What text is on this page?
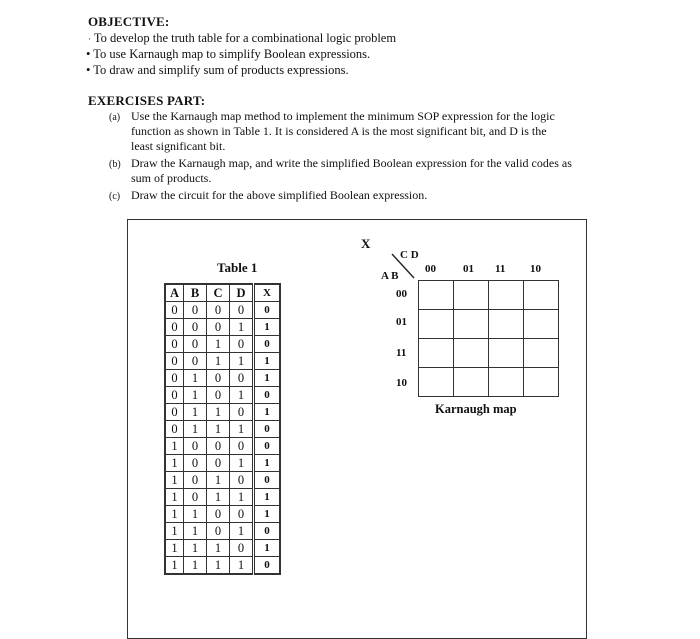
OBJECTIVE:
· To develop the truth table for a combinational logic problem
• To use Karnaugh map to simplify Boolean expressions.
• To draw and simplify sum of products expressions.
EXERCISES PART:
(a) Use the Karnaugh map method to implement the minimum SOP expression for the logic
function as shown in Table 1. It is considered A is the most significant bit, and D is the
least significant bit.
(b) Draw the Karnaugh map, and write the simplified Boolean expression for the valid codes as
sum of products.
(c) Draw the circuit for the above simplified Boolean expression.
Table 1
A	B	C	D	X
0	0	0	0	0
0	0	0	1	1
0	0	1	0	0
0	0	1	1	1
0	1	0	0	1
0	1	0	1	0
0	1	1	0	1
0	1	1	1	0
1	0	0	0	0
1	0	0	1	1
1	0	1	0	0
1	0	1	1	1
1	1	0	0	1
1	1	0	1	0
1	1	1	0	1
1	1	1	1	0
X
C D
A B
00 01 11 10
00
01
11
10
Karnaugh map
